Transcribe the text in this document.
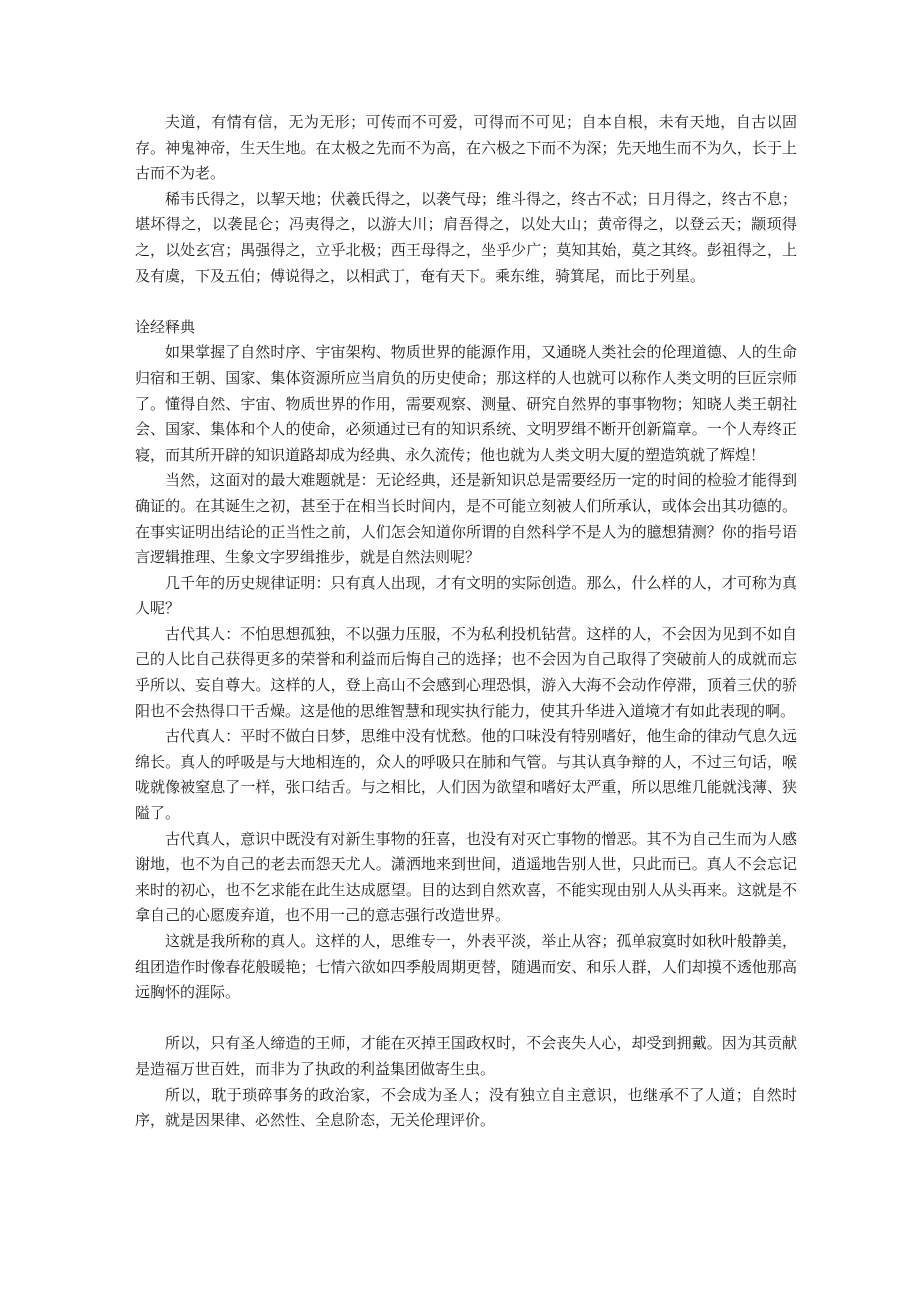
夫道，有情有信，无为无形；可传而不可爱，可得而不可见；自本自根，未有天地，自古以固存。神鬼神帝，生天生地。在太极之先而不为高，在六极之下而不为深；先天地生而不为久，长于上古而不为老。

稀韦氏得之，以挈天地；伏羲氏得之，以袭气母；维斗得之，终古不忒；日月得之，终古不息；堪坏得之，以袭昆仑；冯夷得之，以游大川；肩吾得之，以处大山；黄帝得之，以登云天；颛顼得之，以处玄宫；禺强得之，立乎北极；西王母得之，坐乎少广；莫知其始，莫之其终。彭祖得之，上及有虞，下及五伯；傅说得之，以相武丁，奄有天下。乘东维，骑箕尾，而比于列星。

诠经释典

如果掌握了自然时序、宇宙架构、物质世界的能源作用，又通晓人类社会的伦理道德、人的生命归宿和王朝、国家、集体资源所应当肩负的历史使命；那这样的人也就可以称作人类文明的巨匠宗师了。懂得自然、宇宙、物质世界的作用，需要观察、测量、研究自然界的事事物物；知晓人类王朝社会、国家、集体和个人的使命，必须通过已有的知识系统、文明罗缉不断开创新篇章。一个人寿终正寝，而其所开辟的知识道路却成为经典、永久流传；他也就为人类文明大厦的塑造筑就了辉煌！

当然，这面对的最大难题就是：无论经典，还是新知识总是需要经历一定的时间的检验才能得到确证的。在其诞生之初，甚至于在相当长时间内，是不可能立刻被人们所承认，或体会出其功德的。在事实证明出结论的正当性之前，人们怎会知道你所谓的自然科学不是人为的臆想猜测？你的指号语言逻辑推理、生象文字罗缉推步，就是自然法则呢？

几千年的历史规律证明：只有真人出现，才有文明的实际创造。那么，什么样的人，才可称为真人呢？

古代其人：不怕思想孤独，不以强力压服，不为私利投机钻营。这样的人，不会因为见到不如自己的人比自己获得更多的荣誉和利益而后悔自己的选择；也不会因为自己取得了突破前人的成就而忘乎所以、妄自尊大。这样的人，登上高山不会感到心理恐惧，游入大海不会动作停滞，顶着三伏的骄阳也不会热得口干舌燥。这是他的思维智慧和现实执行能力，使其升华进入道境才有如此表现的啊。

古代真人：平时不做白日梦，思维中没有忧愁。他的口味没有特别嗜好，他生命的律动气息久远绵长。真人的呼吸是与大地相连的，众人的呼吸只在肺和气管。与其认真争辩的人，不过三句话，喉咙就像被窒息了一样，张口结舌。与之相比，人们因为欲望和嗜好太严重，所以思维几能就浅薄、狭隘了。

古代真人，意识中既没有对新生事物的狂喜，也没有对灭亡事物的憎恶。其不为自己生而为人感谢地，也不为自己的老去而怨天尤人。潇洒地来到世间，逍遥地告别人世，只此而已。真人不会忘记来时的初心，也不乞求能在此生达成愿望。目的达到自然欢喜，不能实现由别人从头再来。这就是不拿自己的心愿废弃道，也不用一己的意志强行改造世界。

这就是我所称的真人。这样的人，思维专一，外表平淡，举止从容；孤单寂寞时如秋叶般静美，组团造作时像春花般暖艳；七情六欲如四季般周期更替，随遇而安、和乐人群，人们却摸不透他那高远胸怀的涯际。

所以，只有圣人缔造的王师，才能在灭掉王国政权时，不会丧失人心，却受到拥戴。因为其贡献是造福万世百姓，而非为了执政的利益集团做寄生虫。

所以，耽于琐碎事务的政治家，不会成为圣人；没有独立自主意识，也继承不了人道；自然时序，就是因果律、必然性、全息阶态，无关伦理评价。
